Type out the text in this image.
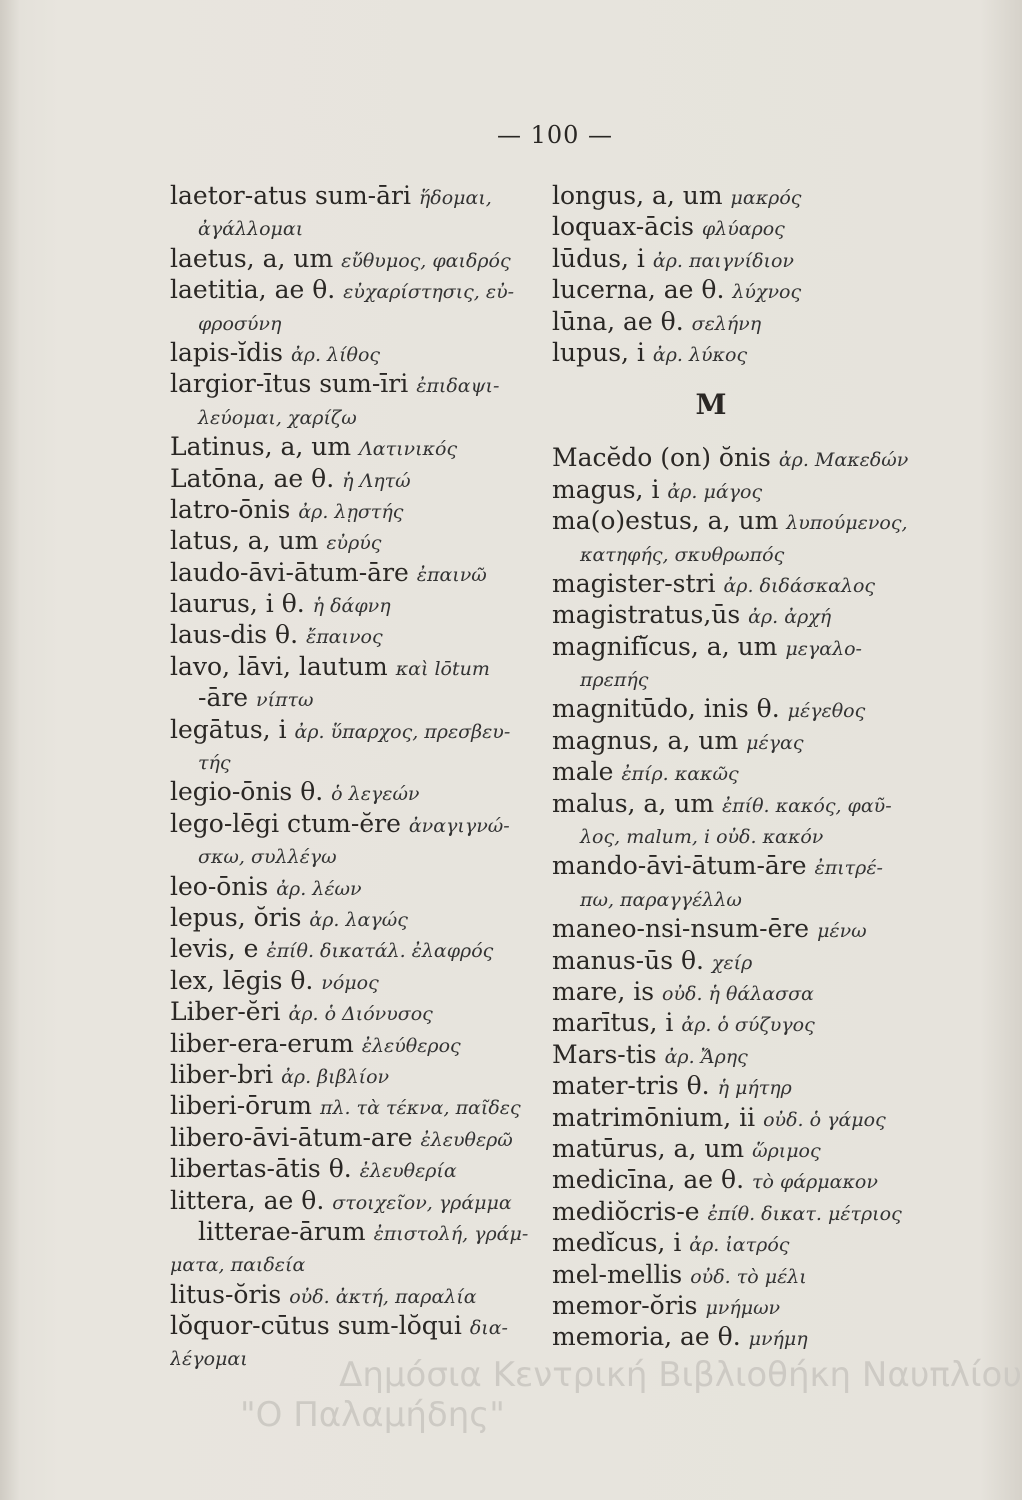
— 100 —
laetor-atus sum-āri ἥδομαι,
ἀγάλλομαι
laetus, a, um εὔθυμος, φαιδρός
laetitia, ae θ. εὐχαρίστησις, εὐ-
φροσύνη
lapis-ĭdis ἀρ. λίθος
largior-ītus sum-īri ἐπιδαψι-
λεύομαι, χαρίζω
Latinus, a, um Λατινικός
Latōna, ae θ. ἡ Λητώ
latro-ōnis ἀρ. λῃστής
latus, a, um εὐρύς
laudo-āvi-ātum-āre ἐπαινῶ
laurus, i θ. ἡ δάφνη
laus-dis θ. ἔπαινος
lavo, lāvi, lautum καὶ lōtum
-āre νίπτω
legātus, i ἀρ. ὕπαρχος, πρεσβευ-
τής
legio-ōnis θ. ὁ λεγεών
lego-lēgi ctum-ĕre ἀναγιγνώ-
σκω, συλλέγω
leo-ōnis ἀρ. λέων
lepus, ŏris ἀρ. λαγώς
levis, e ἐπίθ. δικατάλ. ἐλαφρός
lex, lēgis θ. νόμος
Liber-ĕri ἀρ. ὁ Διόνυσος
liber-era-erum ἐλεύθερος
liber-bri ἀρ. βιβλίον
liberi-ōrum πλ. τὰ τέκνα, παῖδες
libero-āvi-ātum-are ἐλευθερῶ
libertas-ātis θ. ἐλευθερία
littera, ae θ. στοιχεῖον, γράμμα
litterae-ārum ἐπιστολή, γράμ-
ματα, παιδεία
litus-ŏris οὐδ. ἀκτή, παραλία
lŏquor-cūtus sum-lŏqui δια-
λέγομαι
longus, a, um μακρός
loquax-ācis φλύαρος
lūdus, i ἀρ. παιγνίδιον
lucerna, ae θ. λύχνος
lūna, ae θ. σελήνη
lupus, i ἀρ. λύκος
M
Macĕdo (on) ŏnis ἀρ. Μακεδών
magus, i ἀρ. μάγος
ma(o)estus, a, um λυπούμενος,
κατηφής, σκυθρωπός
magister-stri ἀρ. διδάσκαλος
magistratus,ūs ἀρ. ἀρχή
magnifĭcus, a, um μεγαλο-
πρεπής
magnitūdo, inis θ. μέγεθος
magnus, a, um μέγας
male ἐπίρ. κακῶς
malus, a, um ἐπίθ. κακός, φαῦ-
λος, malum, i οὐδ. κακόν
mando-āvi-ātum-āre ἐπιτρέ-
πω, παραγγέλλω
maneo-nsi-nsum-ēre μένω
manus-ūs θ. χείρ
mare, is οὐδ. ἡ θάλασσα
marītus, i ἀρ. ὁ σύζυγος
Mars-tis ἀρ. Ἄρης
mater-tris θ. ἡ μήτηρ
matrimōnium, ii οὐδ. ὁ γάμος
matūrus, a, um ὥριμος
medicīna, ae θ. τὸ φάρμακον
mediŏcris-e ἐπίθ. δικατ. μέτριος
medĭcus, i ἀρ. ἰατρός
mel-mellis οὐδ. τὸ μέλι
memor-ŏris μνήμων
memoria, ae θ. μνήμη
Δημόσια Κεντρική Βιβλιοθήκη Ναυπλίου
"Ο Παλαμήδης"
